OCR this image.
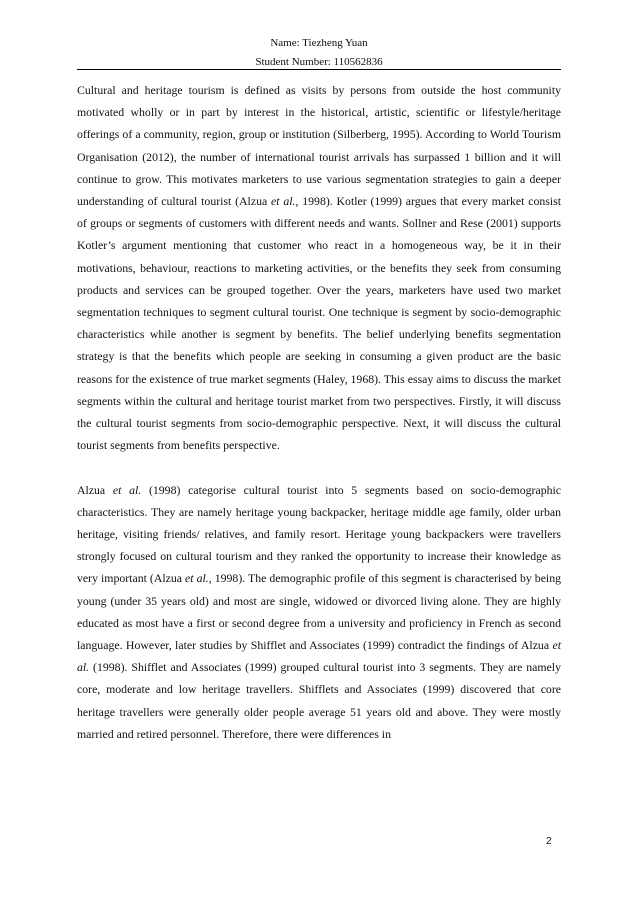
Name: Tiezheng Yuan
Student Number: 110562836

Cultural and heritage tourism is defined as visits by persons from outside the host community motivated wholly or in part by interest in the historical, artistic, scientific or lifestyle/heritage offerings of a community, region, group or institution (Silberberg, 1995). According to World Tourism Organisation (2012), the number of international tourist arrivals has surpassed 1 billion and it will continue to grow. This motivates marketers to use various segmentation strategies to gain a deeper understanding of cultural tourist (Alzua et al., 1998). Kotler (1999) argues that every market consist of groups or segments of customers with different needs and wants. Sollner and Rese (2001) supports Kotler’s argument mentioning that customer who react in a homogeneous way, be it in their motivations, behaviour, reactions to marketing activities, or the benefits they seek from consuming products and services can be grouped together. Over the years, marketers have used two market segmentation techniques to segment cultural tourist. One technique is segment by socio-demographic characteristics while another is segment by benefits. The belief underlying benefits segmentation strategy is that the benefits which people are seeking in consuming a given product are the basic reasons for the existence of true market segments (Haley, 1968). This essay aims to discuss the market segments within the cultural and heritage tourist market from two perspectives. Firstly, it will discuss the cultural tourist segments from socio-demographic perspective. Next, it will discuss the cultural tourist segments from benefits perspective.

Alzua et al. (1998) categorise cultural tourist into 5 segments based on socio-demographic characteristics. They are namely heritage young backpacker, heritage middle age family, older urban heritage, visiting friends/ relatives, and family resort. Heritage young backpackers were travellers strongly focused on cultural tourism and they ranked the opportunity to increase their knowledge as very important (Alzua et al., 1998). The demographic profile of this segment is characterised by being young (under 35 years old) and most are single, widowed or divorced living alone. They are highly educated as most have a first or second degree from a university and proficiency in French as second language. However, later studies by Shifflet and Associates (1999) contradict the findings of Alzua et al. (1998). Shifflet and Associates (1999) grouped cultural tourist into 3 segments. They are namely core, moderate and low heritage travellers. Shifflets and Associates (1999) discovered that core heritage travellers were generally older people average 51 years old and above. They were mostly married and retired personnel. Therefore, there were differences in

2
